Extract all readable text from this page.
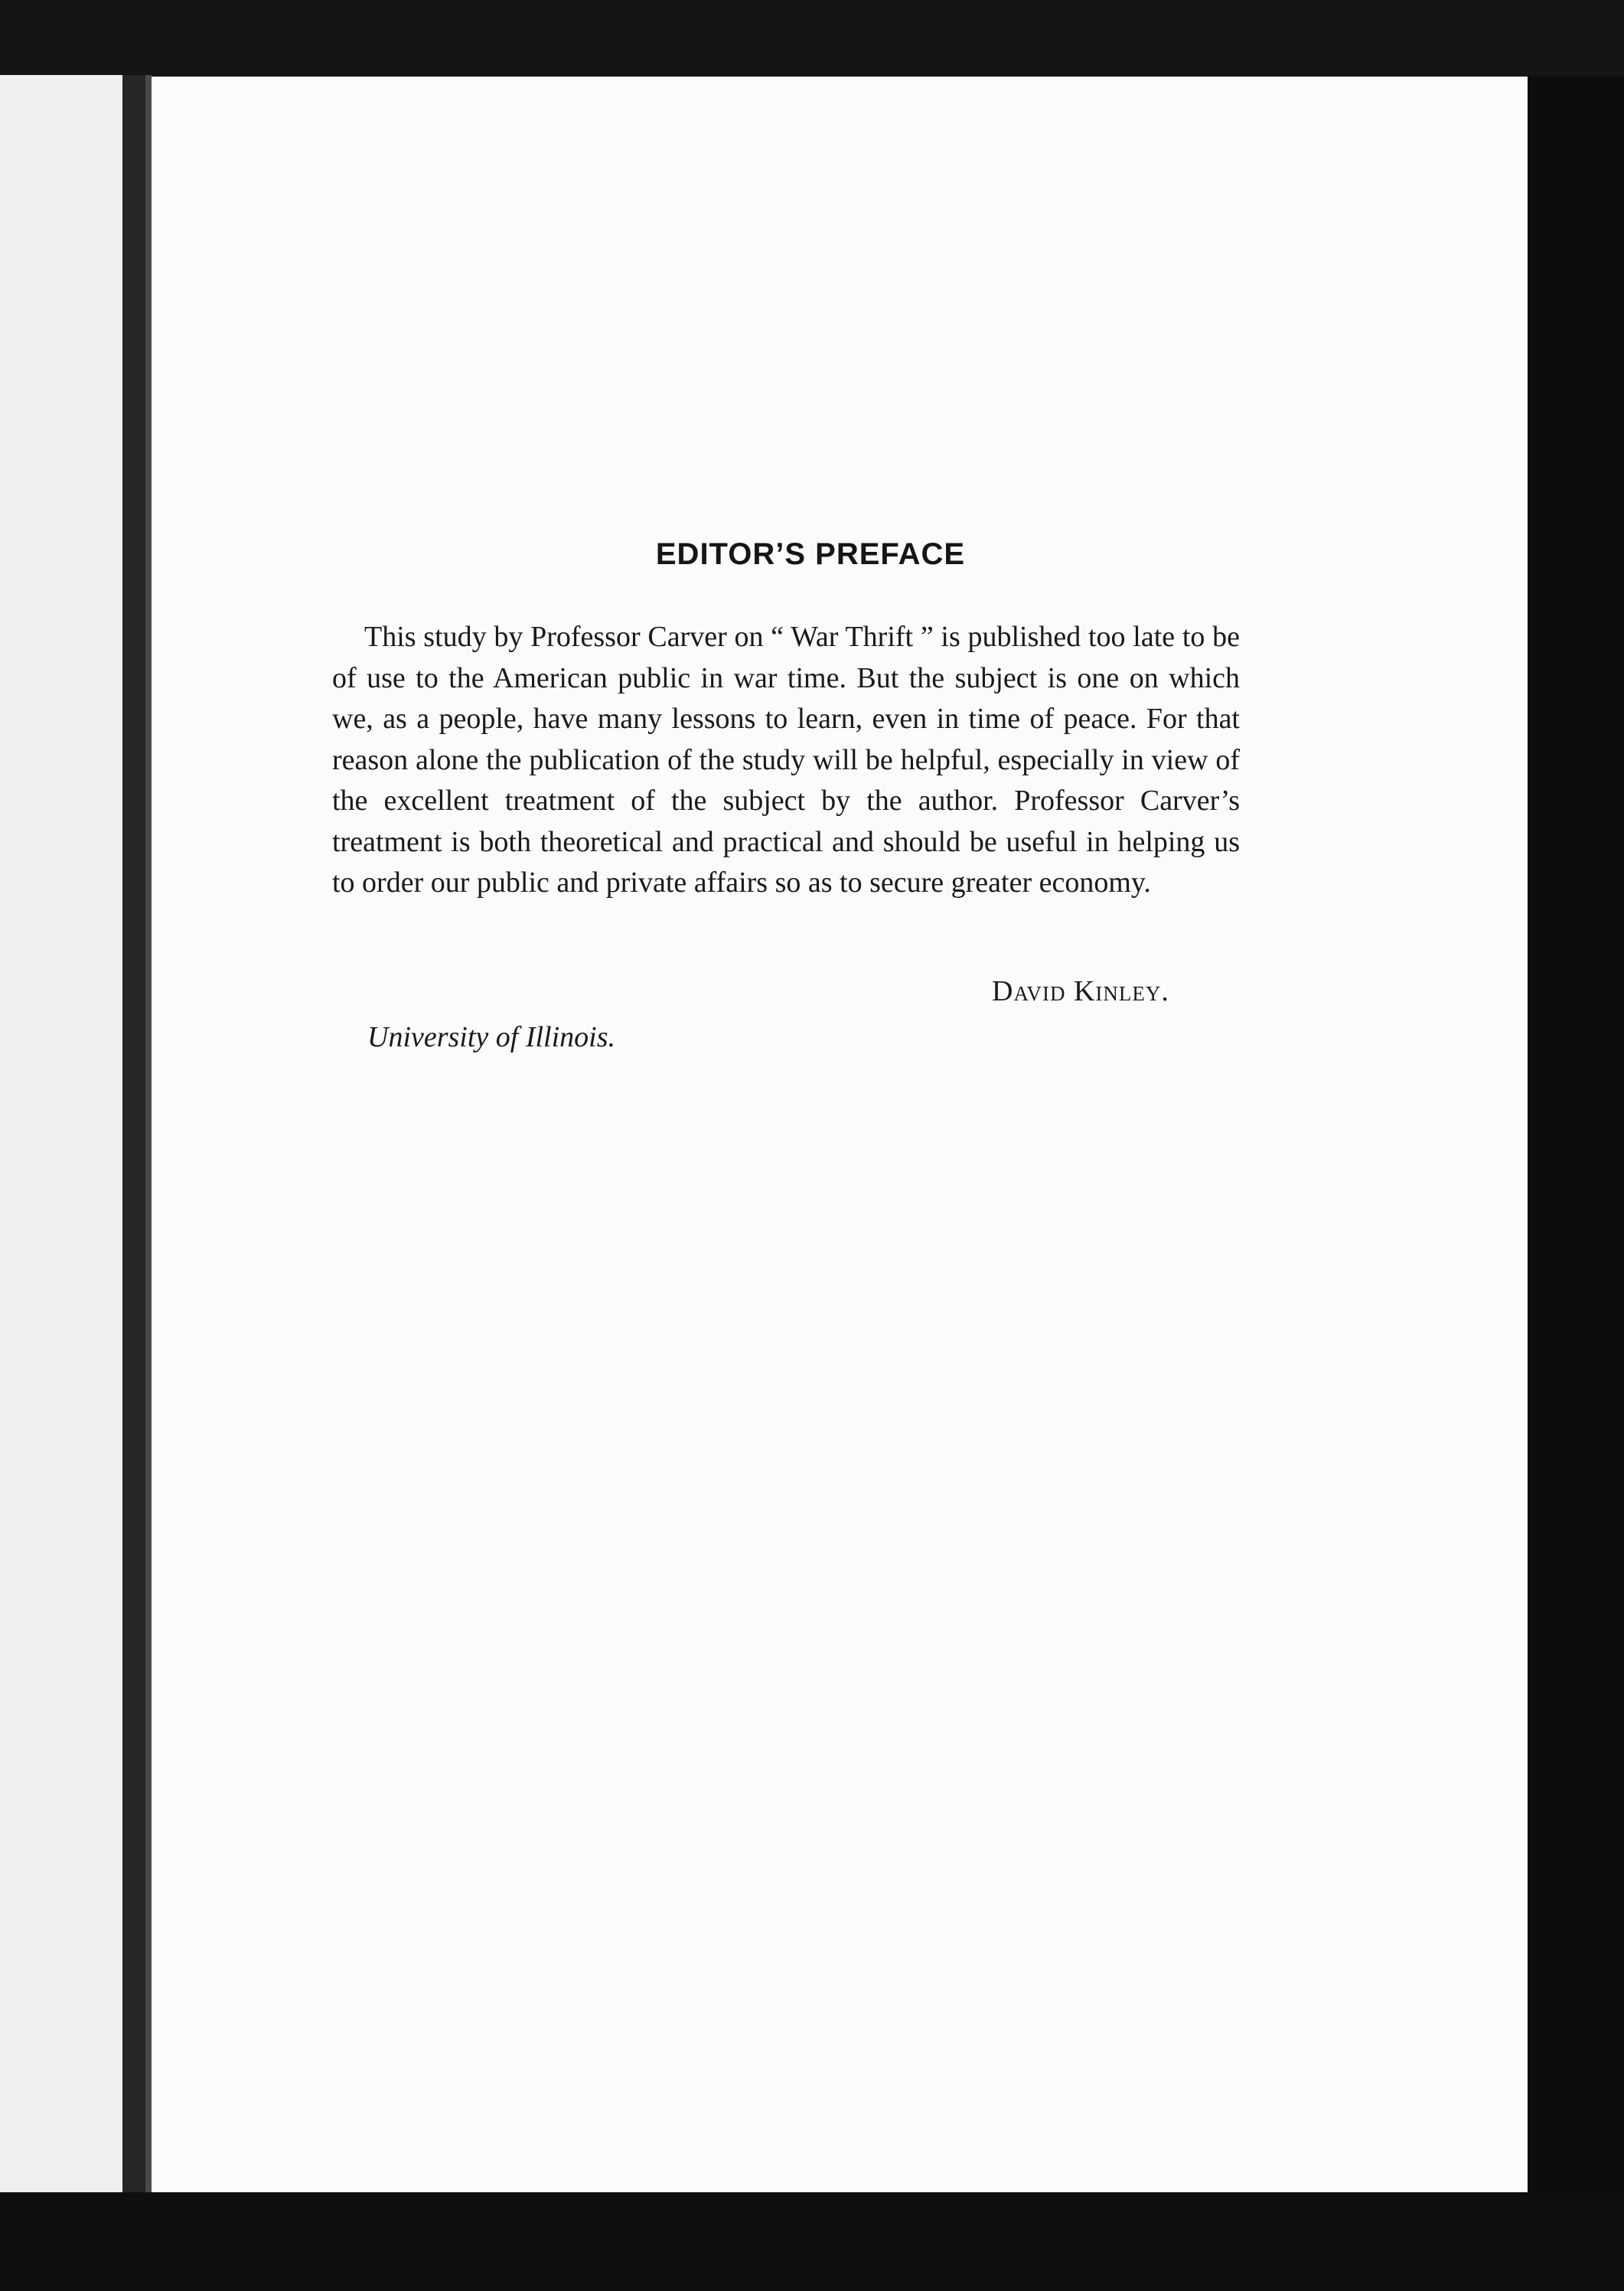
EDITOR’S PREFACE

This study by Professor Carver on “ War Thrift ” is published too late to be of use to the American public in war time. But the subject is one on which we, as a people, have many lessons to learn, even in time of peace. For that reason alone the publication of the study will be helpful, especially in view of the excellent treatment of the subject by the author. Professor Carver’s treatment is both theoretical and practical and should be useful in helping us to order our public and private affairs so as to secure greater economy.

David Kinley.

University of Illinois.
